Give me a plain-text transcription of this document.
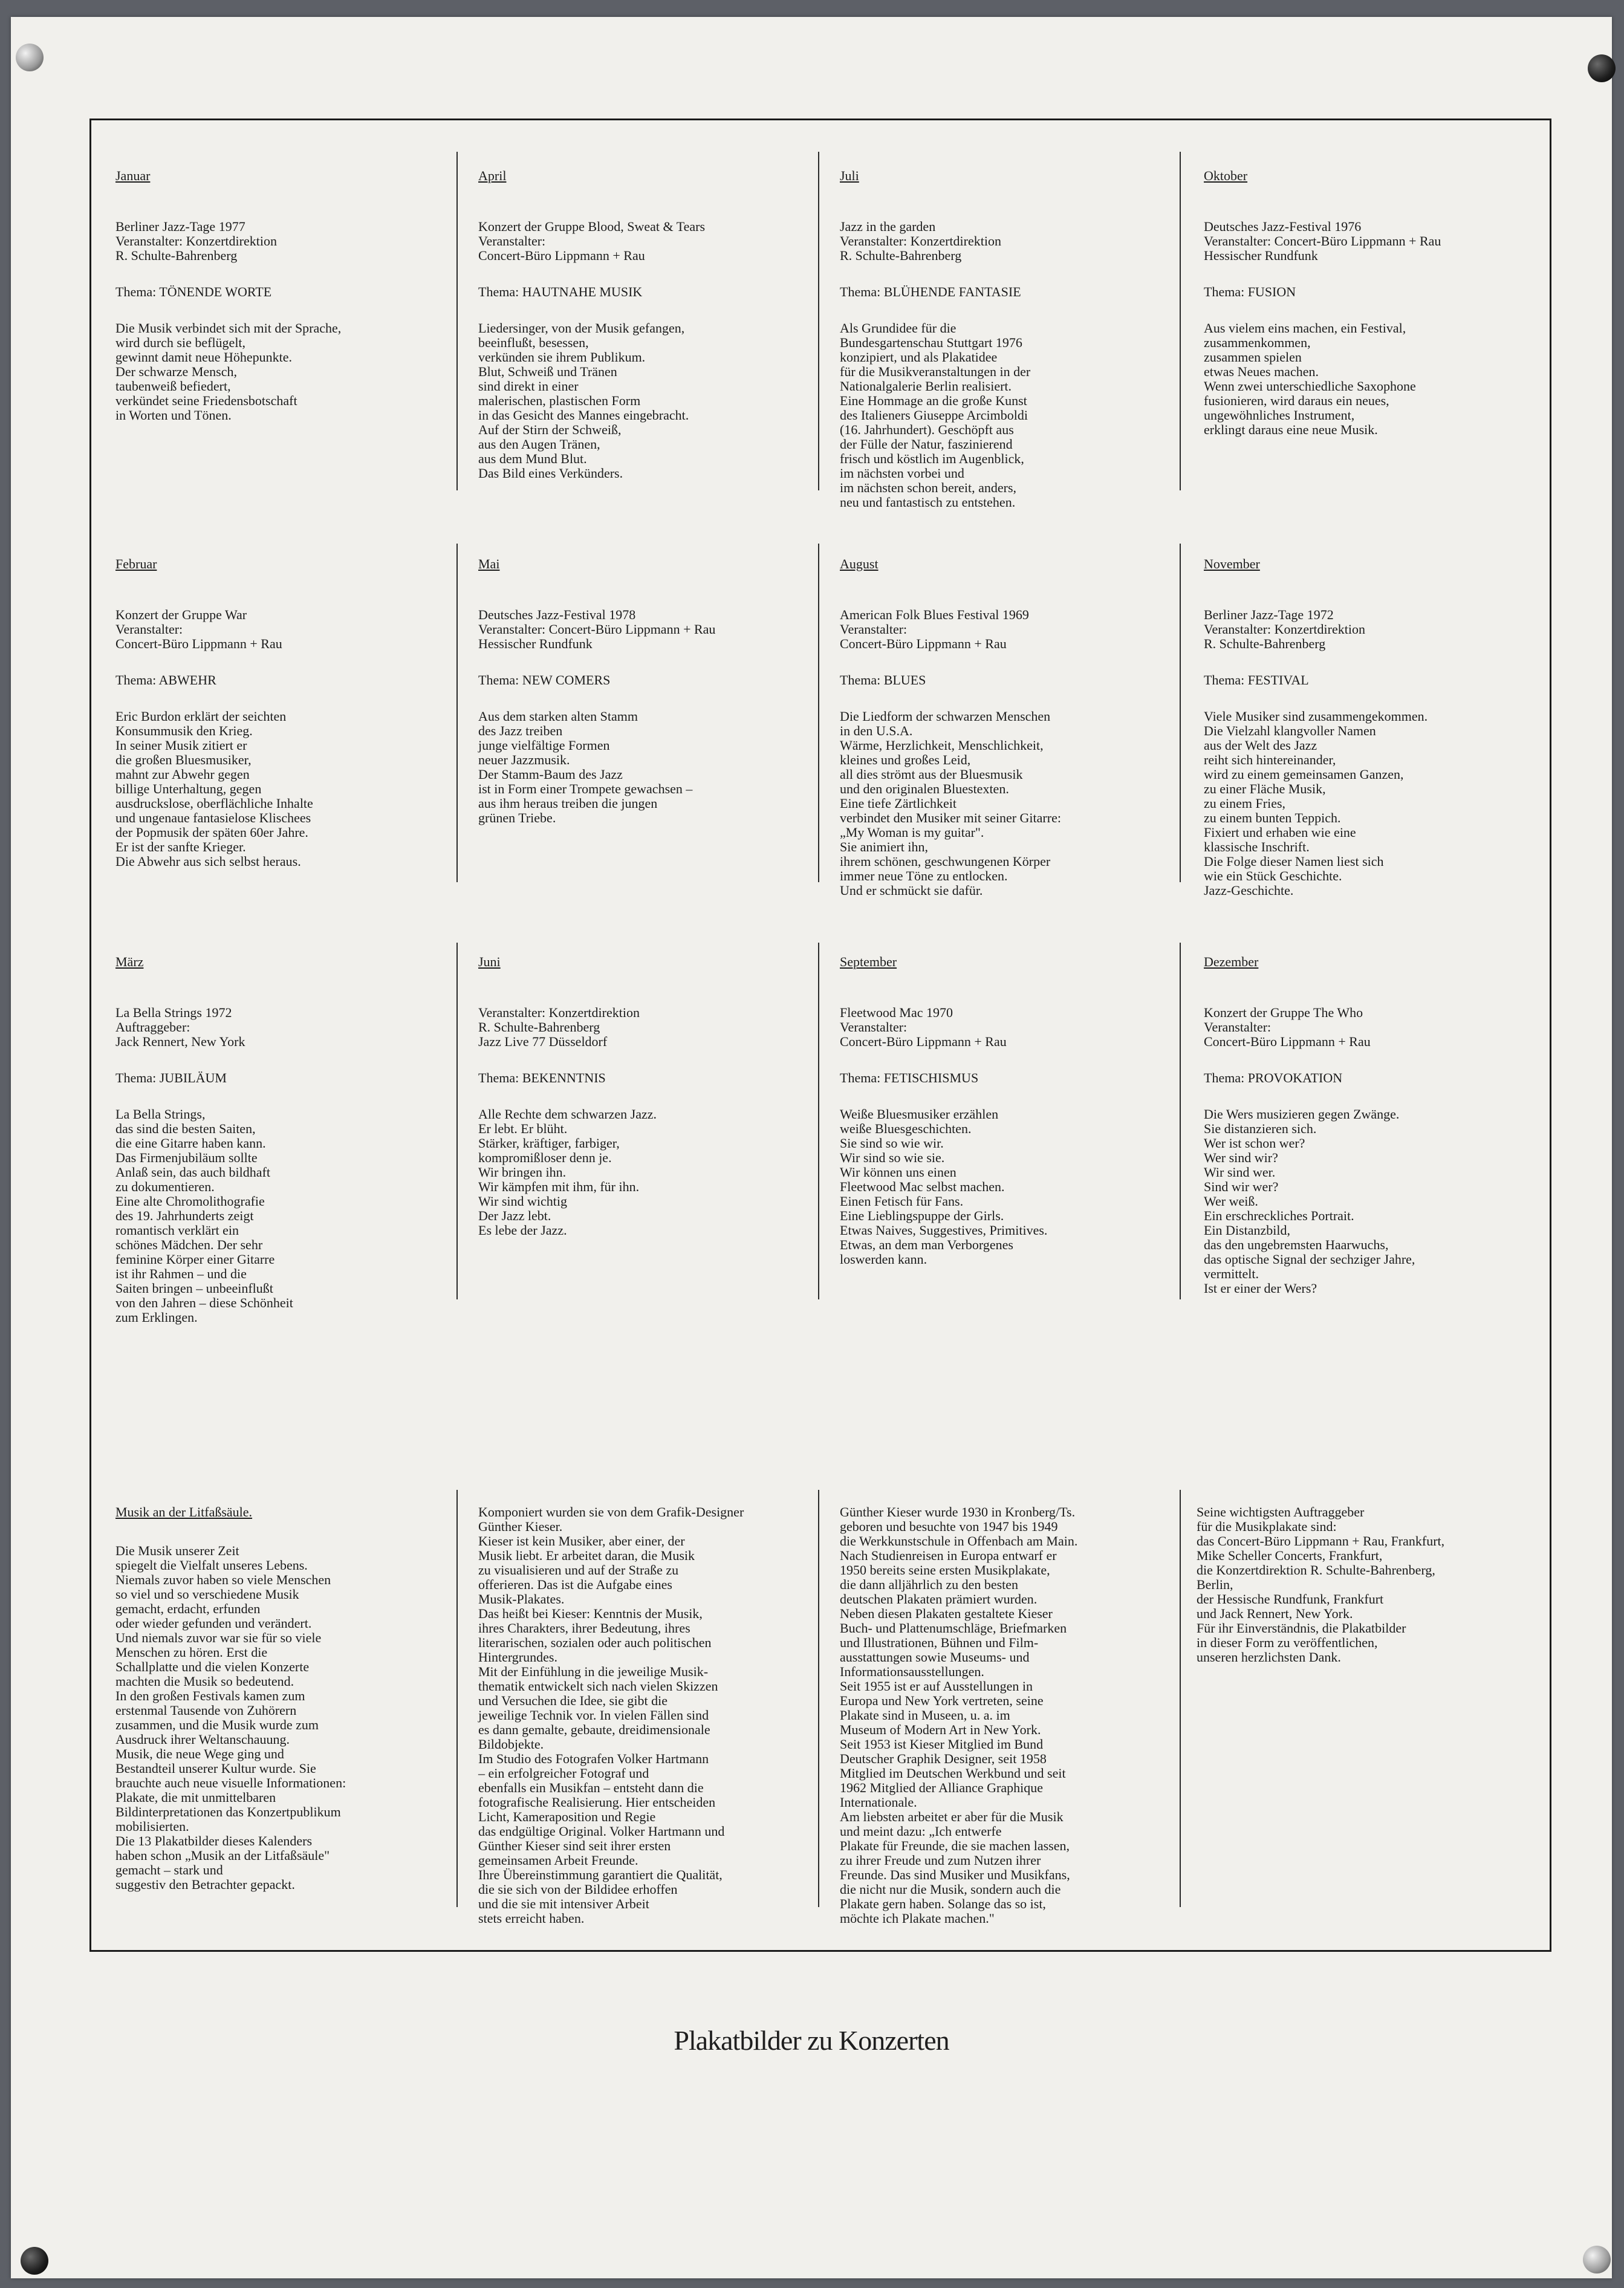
Januar

Berliner Jazz-Tage 1977
Veranstalter: Konzertdirektion
R. Schulte-Bahrenberg

Thema: TÖNENDE WORTE

Die Musik verbindet sich mit der Sprache,
wird durch sie beflügelt,
gewinnt damit neue Höhepunkte.
Der schwarze Mensch,
taubenweiß befiedert,
verkündet seine Friedensbotschaft
in Worten und Tönen.

April

Konzert der Gruppe Blood, Sweat & Tears
Veranstalter:
Concert-Büro Lippmann + Rau

Thema: HAUTNAHE MUSIK

Liedersinger, von der Musik gefangen,
beeinflußt, besessen,
verkünden sie ihrem Publikum.
Blut, Schweiß und Tränen
sind direkt in einer
malerischen, plastischen Form
in das Gesicht des Mannes eingebracht.
Auf der Stirn der Schweiß,
aus den Augen Tränen,
aus dem Mund Blut.
Das Bild eines Verkünders.

Juli

Jazz in the garden
Veranstalter: Konzertdirektion
R. Schulte-Bahrenberg

Thema: BLÜHENDE FANTASIE

Als Grundidee für die
Bundesgartenschau Stuttgart 1976
konzipiert, und als Plakatidee
für die Musikveranstaltungen in der
Nationalgalerie Berlin realisiert.
Eine Hommage an die große Kunst
des Italieners Giuseppe Arcimboldi
(16. Jahrhundert). Geschöpft aus
der Fülle der Natur, faszinierend
frisch und köstlich im Augenblick,
im nächsten vorbei und
im nächsten schon bereit, anders,
neu und fantastisch zu entstehen.

Oktober

Deutsches Jazz-Festival 1976
Veranstalter: Concert-Büro Lippmann + Rau
Hessischer Rundfunk

Thema: FUSION

Aus vielem eins machen, ein Festival,
zusammenkommen,
zusammen spielen
etwas Neues machen.
Wenn zwei unterschiedliche Saxophone
fusionieren, wird daraus ein neues,
ungewöhnliches Instrument,
erklingt daraus eine neue Musik.

Februar

Konzert der Gruppe War
Veranstalter:
Concert-Büro Lippmann + Rau

Thema: ABWEHR

Eric Burdon erklärt der seichten
Konsummusik den Krieg.
In seiner Musik zitiert er
die großen Bluesmusiker,
mahnt zur Abwehr gegen
billige Unterhaltung, gegen
ausdruckslose, oberflächliche Inhalte
und ungenaue fantasielose Klischees
der Popmusik der späten 60er Jahre.
Er ist der sanfte Krieger.
Die Abwehr aus sich selbst heraus.

Mai

Deutsches Jazz-Festival 1978
Veranstalter: Concert-Büro Lippmann + Rau
Hessischer Rundfunk

Thema: NEW COMERS

Aus dem starken alten Stamm
des Jazz treiben
junge vielfältige Formen
neuer Jazzmusik.
Der Stamm-Baum des Jazz
ist in Form einer Trompete gewachsen –
aus ihm heraus treiben die jungen
grünen Triebe.

August

American Folk Blues Festival 1969
Veranstalter:
Concert-Büro Lippmann + Rau

Thema: BLUES

Die Liedform der schwarzen Menschen
in den U.S.A.
Wärme, Herzlichkeit, Menschlichkeit,
kleines und großes Leid,
all dies strömt aus der Bluesmusik
und den originalen Bluestexten.
Eine tiefe Zärtlichkeit
verbindet den Musiker mit seiner Gitarre:
„My Woman is my guitar".
Sie animiert ihn,
ihrem schönen, geschwungenen Körper
immer neue Töne zu entlocken.
Und er schmückt sie dafür.

November

Berliner Jazz-Tage 1972
Veranstalter: Konzertdirektion
R. Schulte-Bahrenberg

Thema: FESTIVAL

Viele Musiker sind zusammengekommen.
Die Vielzahl klangvoller Namen
aus der Welt des Jazz
reiht sich hintereinander,
wird zu einem gemeinsamen Ganzen,
zu einer Fläche Musik,
zu einem Fries,
zu einem bunten Teppich.
Fixiert und erhaben wie eine
klassische Inschrift.
Die Folge dieser Namen liest sich
wie ein Stück Geschichte.
Jazz-Geschichte.

März

La Bella Strings 1972
Auftraggeber:
Jack Rennert, New York

Thema: JUBILÄUM

La Bella Strings,
das sind die besten Saiten,
die eine Gitarre haben kann.
Das Firmenjubiläum sollte
Anlaß sein, das auch bildhaft
zu dokumentieren.
Eine alte Chromolithografie
des 19. Jahrhunderts zeigt
romantisch verklärt ein
schönes Mädchen. Der sehr
feminine Körper einer Gitarre
ist ihr Rahmen – und die
Saiten bringen – unbeeinflußt
von den Jahren – diese Schönheit
zum Erklingen.

Juni

Veranstalter: Konzertdirektion
R. Schulte-Bahrenberg
Jazz Live 77 Düsseldorf

Thema: BEKENNTNIS

Alle Rechte dem schwarzen Jazz.
Er lebt. Er blüht.
Stärker, kräftiger, farbiger,
kompromißloser denn je.
Wir bringen ihn.
Wir kämpfen mit ihm, für ihn.
Wir sind wichtig
Der Jazz lebt.
Es lebe der Jazz.

September

Fleetwood Mac 1970
Veranstalter:
Concert-Büro Lippmann + Rau

Thema: FETISCHISMUS

Weiße Bluesmusiker erzählen
weiße Bluesgeschichten.
Sie sind so wie wir.
Wir sind so wie sie.
Wir können uns einen
Fleetwood Mac selbst machen.
Einen Fetisch für Fans.
Eine Lieblingspuppe der Girls.
Etwas Naives, Suggestives, Primitives.
Etwas, an dem man Verborgenes
loswerden kann.

Dezember

Konzert der Gruppe The Who
Veranstalter:
Concert-Büro Lippmann + Rau

Thema: PROVOKATION

Die Wers musizieren gegen Zwänge.
Sie distanzieren sich.
Wer ist schon wer?
Wer sind wir?
Wir sind wer.
Sind wir wer?
Wer weiß.
Ein erschreckliches Portrait.
Ein Distanzbild,
das den ungebremsten Haarwuchs,
das optische Signal der sechziger Jahre,
vermittelt.
Ist er einer der Wers?

Musik an der Litfaßsäule.

Die Musik unserer Zeit
spiegelt die Vielfalt unseres Lebens.
Niemals zuvor haben so viele Menschen
so viel und so verschiedene Musik
gemacht, erdacht, erfunden
oder wieder gefunden und verändert.
Und niemals zuvor war sie für so viele
Menschen zu hören. Erst die
Schallplatte und die vielen Konzerte
machten die Musik so bedeutend.
In den großen Festivals kamen zum
erstenmal Tausende von Zuhörern
zusammen, und die Musik wurde zum
Ausdruck ihrer Weltanschauung.
Musik, die neue Wege ging und
Bestandteil unserer Kultur wurde. Sie
brauchte auch neue visuelle Informationen:
Plakate, die mit unmittelbaren
Bildinterpretationen das Konzertpublikum
mobilisierten.
Die 13 Plakatbilder dieses Kalenders
haben schon „Musik an der Litfaßsäule"
gemacht – stark und
suggestiv den Betrachter gepackt.

Komponiert wurden sie von dem Grafik-Designer
Günther Kieser.
Kieser ist kein Musiker, aber einer, der
Musik liebt. Er arbeitet daran, die Musik
zu visualisieren und auf der Straße zu
offerieren. Das ist die Aufgabe eines
Musik-Plakates.
Das heißt bei Kieser: Kenntnis der Musik,
ihres Charakters, ihrer Bedeutung, ihres
literarischen, sozialen oder auch politischen
Hintergrundes.
Mit der Einfühlung in die jeweilige Musik-
thematik entwickelt sich nach vielen Skizzen
und Versuchen die Idee, sie gibt die
jeweilige Technik vor. In vielen Fällen sind
es dann gemalte, gebaute, dreidimensionale
Bildobjekte.
Im Studio des Fotografen Volker Hartmann
– ein erfolgreicher Fotograf und
ebenfalls ein Musikfan – entsteht dann die
fotografische Realisierung. Hier entscheiden
Licht, Kameraposition und Regie
das endgültige Original. Volker Hartmann und
Günther Kieser sind seit ihrer ersten
gemeinsamen Arbeit Freunde.
Ihre Übereinstimmung garantiert die Qualität,
die sie sich von der Bildidee erhoffen
und die sie mit intensiver Arbeit
stets erreicht haben.

Günther Kieser wurde 1930 in Kronberg/Ts.
geboren und besuchte von 1947 bis 1949
die Werkkunstschule in Offenbach am Main.
Nach Studienreisen in Europa entwarf er
1950 bereits seine ersten Musikplakate,
die dann alljährlich zu den besten
deutschen Plakaten prämiert wurden.
Neben diesen Plakaten gestaltete Kieser
Buch- und Plattenumschläge, Briefmarken
und Illustrationen, Bühnen und Film-
ausstattungen sowie Museums- und
Informationsausstellungen.
Seit 1955 ist er auf Ausstellungen in
Europa und New York vertreten, seine
Plakate sind in Museen, u. a. im
Museum of Modern Art in New York.
Seit 1953 ist Kieser Mitglied im Bund
Deutscher Graphik Designer, seit 1958
Mitglied im Deutschen Werkbund und seit
1962 Mitglied der Alliance Graphique
Internationale.
Am liebsten arbeitet er aber für die Musik
und meint dazu: „Ich entwerfe
Plakate für Freunde, die sie machen lassen,
zu ihrer Freude und zum Nutzen ihrer
Freunde. Das sind Musiker und Musikfans,
die nicht nur die Musik, sondern auch die
Plakate gern haben. Solange das so ist,
möchte ich Plakate machen."

Seine wichtigsten Auftraggeber
für die Musikplakate sind:
das Concert-Büro Lippmann + Rau, Frankfurt,
Mike Scheller Concerts, Frankfurt,
die Konzertdirektion R. Schulte-Bahrenberg,
Berlin,
der Hessische Rundfunk, Frankfurt
und Jack Rennert, New York.
Für ihr Einverständnis, die Plakatbilder
in dieser Form zu veröffentlichen,
unseren herzlichsten Dank.

Plakatbilder zu Konzerten
